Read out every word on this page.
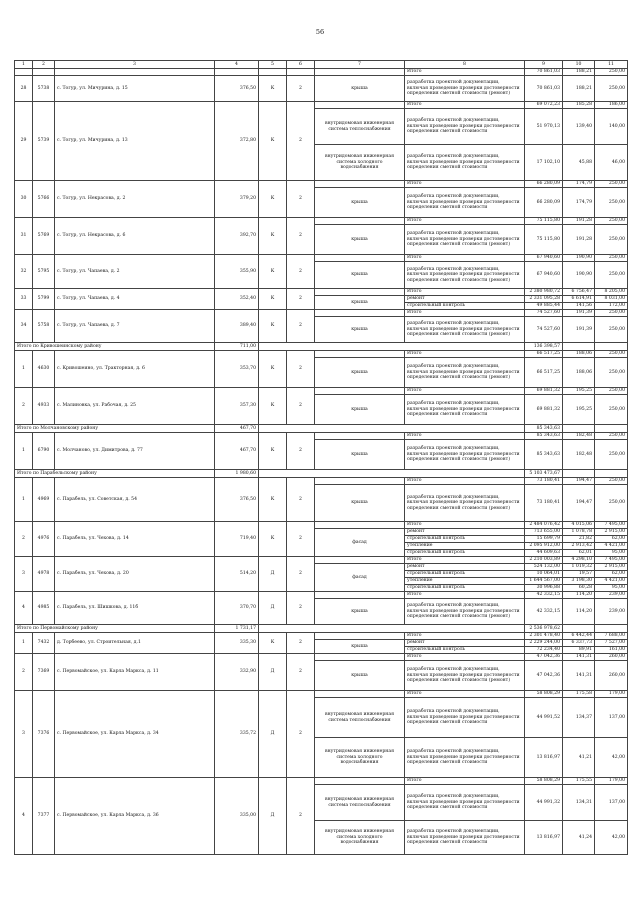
56
1	2	3	4	5	6	7	8	9	10	11
							Итого	70 861,03	188,21	250,00
28	5738	с. Тогур, ул. Мичурина, д. 15	376,50	К	2	крыша	разработка проектной документации, включая проведение проверки достоверности определения сметной стоимости (ремонт)	70 861,03	188,21	250,00
29	5739	с. Тогур, ул. Мичурина, д. 13	372,80	К	2		Итого	69 072,23	185,28	186,00
						внутридомовая инженерная система теплоснабжения	разработка проектной документации, включая проведение проверки достоверности определения сметной стоимости	51 970,13	139,40	140,00
						внутридомовая инженерная система холодного водоснабжения	разработка проектной документации, включая проведение проверки достоверности определения сметной стоимости	17 102,10	45,88	46,00
30	5766	с. Тогур, ул. Некрасова, д. 2	379,20	К	2		Итого	66 280,09	174,79	250,00
						крыша	разработка проектной документации, включая проведение проверки достоверности определения сметной стоимости	66 280,09	174,79	250,00
31	5769	с. Тогур, ул. Некрасова, д. 6	392,70	К	2		Итого	75 115,80	191,28	250,00
						крыша	разработка проектной документации, включая проведение проверки достоверности определения сметной стоимости (ремонт)	75 115,80	191,28	250,00
32	5795	с. Тогур, ул. Чапаева, д. 2	355,90	К	2		Итого	67 940,60	190,90	250,00
						крыша	разработка проектной документации, включая проведение проверки достоверности определения сметной стоимости (ремонт)	67 940,60	190,90	250,00
33	5799	с. Тогур, ул. Чапаева, д. 4	352,40	К	2		Итого	2 380 980,72	6 756,47	8 205,00
						крыша	ремонт	2 331 095,28	6 614,91	8 031,00
							строительный контроль	49 885,44	141,56	172,00
34	5758	с. Тогур, ул. Чапаева, д. 7	389,40	К	2		Итого	74 527,60	191,39	250,00
						крыша	разработка проектной документации, включая проведение проверки достоверности определения сметной стоимости (ремонт)	74 527,60	191,39	250,00
Итого по Кривошеинскому району			711,00					136 398,57		
1	4630	с. Кривошеино, ул. Тракторная, д. 6	353,70	К	2		Итого	66 517,25	188,06	250,00
						крыша	разработка проектной документации, включая проведение проверки достоверности определения сметной стоимости (ремонт)	66 517,25	188,06	250,00
2	4933	с. Малиновка, ул. Рабочая, д. 25	357,30	К	2		Итого	69 881,32	195,25	250,00
						крыша	разработка проектной документации, включая проведение проверки достоверности определения сметной стоимости	69 881,32	195,25	250,00
Итого по Молчановскому району			467,70					85 343,63		
1	6790	с. Молчаново, ул. Димитрова, д. 77	467,70	К	2		Итого	85 343,63	182,48	250,00
						крыша	разработка проектной документации, включая проведение проверки достоверности определения сметной стоимости (ремонт)	85 343,63	182,48	250,00
Итого по Парабельскому району			1 980,60					5 103 473,67		
1	4969	с. Парабель, ул. Советская, д. 54	376,50	К	2		Итого	73 180,41	194,47	250,00
						крыша	разработка проектной документации, включая проведение проверки достоверности определения сметной стоимости (ремонт)	73 180,41	194,47	250,00
2	4976	с. Парабель, ул. Чехова, д. 14	719,40	К	2		Итого	2 484 076,42	4 015,06	7 495,00
						фасад	ремонт	713 655,00	1 078,78	2 915,00
							строительный контроль	15 699,79	21,82	62,00
							утепление	2 095 912,00	2 913,42	4 421,00
							строительный контроль	44 609,63	62,01	95,00
3	4978	с. Парабель, ул. Чехова, д. 20	514,20	Д	2		Итого	2 210 003,89	4 298,10	7 495,00
						фасад	ремонт	524 132,00	1 019,32	2 915,00
							строительный контроль	10 064,01	19,57	62,00
							утепление	1 644 567,00	3 198,30	4 421,00
							строительный контроль	30 996,88	60,28	95,00
4	4985	с. Парабель, ул. Шишкова, д. 11б	370,70	Д	2		Итого	42 332,15	114,20	239,00
						крыша	разработка проектной документации, включая проведение проверки достоверности определения сметной стоимости (ремонт)	42 332,15	114,20	239,00
Итого по Первомайскому району			1 731,17					2 536 978,62		
1	7432	д. Торбеево, ул. Строительная, д.1	335,30	К	2		Итого	2 301 478,40	6 442,44	7 688,00
						крыша	ремонт	2 229 244,00	6 337,73	7 527,00
							строительный контроль	72 234,40	89,91	161,00
2	7369	с. Первомайское, ул. Карла Маркса, д. 11	332,90	Д	2		Итого	47 042,36	141,31	260,00
						крыша	разработка проектной документации, включая проведение проверки достоверности определения сметной стоимости (ремонт)	47 042,36	141,31	260,00
3	7376	с. Первомайское, ул. Карла Маркса, д. 34	335,72	Д	2		Итого	58 808,29	175,58	179,00
						внутридомовая инженерная система теплоснабжения	разработка проектной документации, включая проведение проверки достоверности определения сметной стоимости	44 991,52	134,37	137,00
						внутридомовая инженерная система холодного водоснабжения	разработка проектной документации, включая проведение проверки достоверности определения сметной стоимости	13 816,97	41,21	42,00
4	7377	с. Первомайское, ул. Карла Маркса, д. 36	335,00	Д	2		Итого	58 808,29	175,55	179,00
						внутридомовая инженерная система теплоснабжения	разработка проектной документации, включая проведение проверки достоверности определения сметной стоимости	44 991,32	134,31	137,00
						внутридомовая инженерная система холодного водоснабжения	разработка проектной документации, включая проведение проверки достоверности определения сметной стоимости	13 816,97	41,24	42,00
